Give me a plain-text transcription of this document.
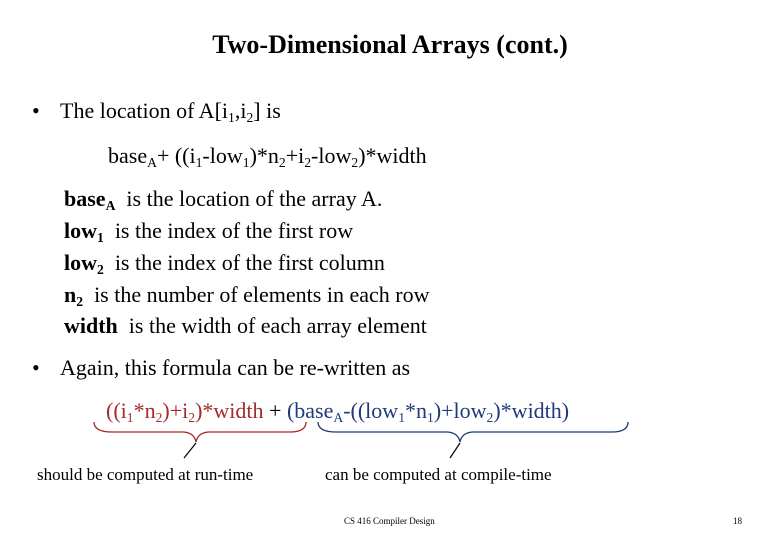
Two-Dimensional Arrays (cont.)
• The location of $A[i_1,i_2]$ is
base$_A$+ $((i_1-low_1)*n_2+i_2-low_2)*width$
base$_A$ is the location of the array A.
low$_1$ is the index of the first row
low$_2$ is the index of the first column
$n_2$ is the number of elements in each row
width is the width of each array element
• Again, this formula can be re-written as
$((i_1*n_2)+i_2)*width$ + $(base_A-((low_1*n_1)+low_2)*width)$
should be computed at run-time	can be computed at compile-time
CS 416 Compiler Design	18
